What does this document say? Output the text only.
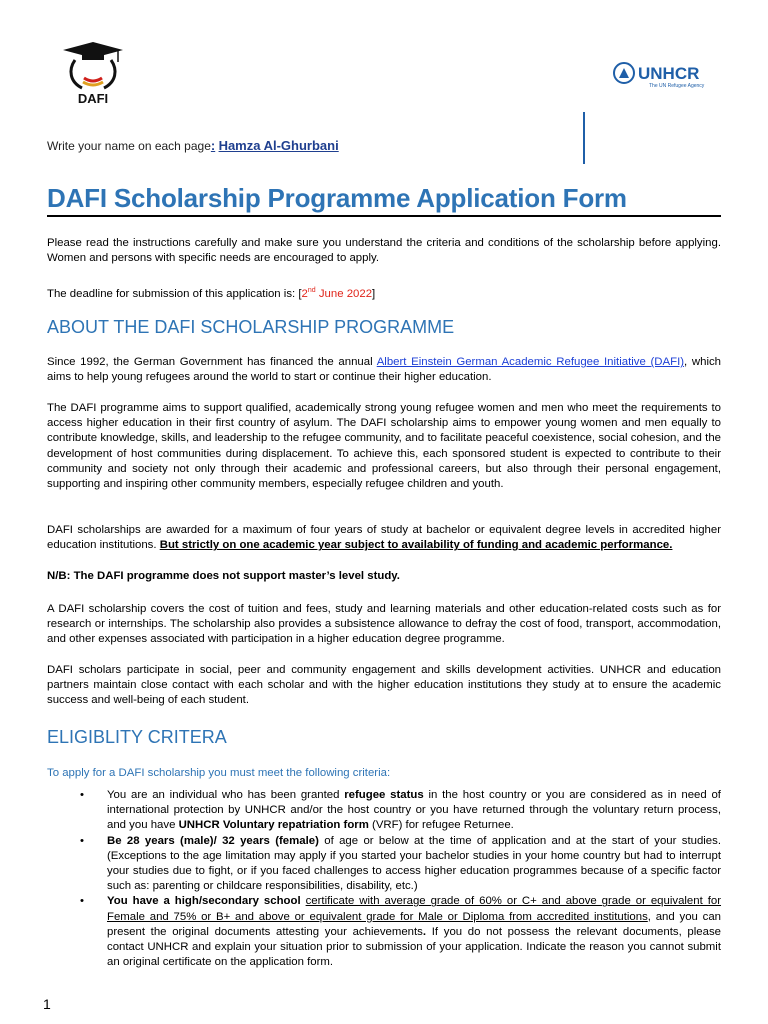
DAFI
UNHCR
The UN Refugee Agency
Write your name on each page: Hamza Al-Ghurbani
DAFI Scholarship Programme Application Form
Please read the instructions carefully and make sure you understand the criteria and conditions of the scholarship before applying. Women and persons with specific needs are encouraged to apply.
The deadline for submission of this application is: [2nd June 2022]
ABOUT THE DAFI SCHOLARSHIP PROGRAMME
Since 1992, the German Government has financed the annual Albert Einstein German Academic Refugee Initiative (DAFI), which aims to help young refugees around the world to start or continue their higher education.
The DAFI programme aims to support qualified, academically strong young refugee women and men who meet the requirements to access higher education in their first country of asylum. The DAFI scholarship aims to empower young women and men equally to contribute knowledge, skills, and leadership to the refugee community, and to facilitate peaceful coexistence, social cohesion, and the development of host communities during displacement. To achieve this, each sponsored student is expected to contribute to their community and society not only through their academic and professional careers, but also through their personal engagement, supporting and inspiring other community members, especially refugee children and youth.
DAFI scholarships are awarded for a maximum of four years of study at bachelor or equivalent degree levels in accredited higher education institutions. But strictly on one academic year subject to availability of funding and academic performance.
N/B: The DAFI programme does not support master’s level study.
A DAFI scholarship covers the cost of tuition and fees, study and learning materials and other education-related costs such as for research or internships. The scholarship also provides a subsistence allowance to defray the cost of food, transport, accommodation, and other expenses associated with participation in a higher education degree programme.
DAFI scholars participate in social, peer and community engagement and skills development activities. UNHCR and education partners maintain close contact with each scholar and with the higher education institutions they study at to ensure the academic success and well-being of each student.
ELIGIBLITY CRITERA
To apply for a DAFI scholarship you must meet the following criteria:
• You are an individual who has been granted refugee status in the host country or you are considered as in need of international protection by UNHCR and/or the host country or you have returned through the voluntary return process, and you have UNHCR Voluntary repatriation form (VRF) for refugee Returnee.
• Be 28 years (male)/ 32 years (female) of age or below at the time of application and at the start of your studies. (Exceptions to the age limitation may apply if you started your bachelor studies in your home country but had to interrupt your studies due to fight, or if you faced challenges to access higher education programmes because of a specific factor such as: parenting or childcare responsibilities, disability, etc.)
• You have a high/secondary school certificate with average grade of 60% or C+ and above grade or equivalent for Female and 75% or B+ and above or equivalent grade for Male or Diploma from accredited institutions, and you can present the original documents attesting your achievements. If you do not possess the relevant documents, please contact UNHCR and explain your situation prior to submission of your application. Indicate the reason you cannot submit an original certificate on the application form.
1
